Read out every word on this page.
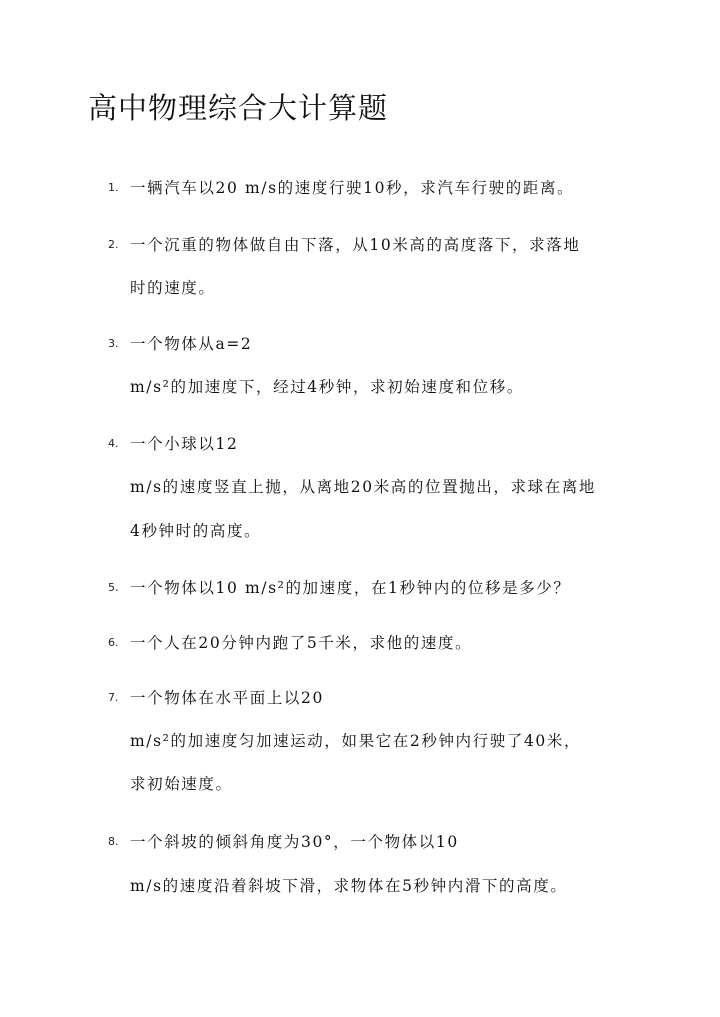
高中物理综合大计算题
1. 一辆汽车以20 m/s的速度行驶10秒，求汽车行驶的距离。
2. 一个沉重的物体做自由下落，从10米高的高度落下，求落地
时的速度。
3. 一个物体从a=2
m/s²的加速度下，经过4秒钟，求初始速度和位移。
4. 一个小球以12
m/s的速度竖直上抛，从离地20米高的位置抛出，求球在离地
4秒钟时的高度。
5. 一个物体以10 m/s²的加速度，在1秒钟内的位移是多少？
6. 一个人在20分钟内跑了5千米，求他的速度。
7. 一个物体在水平面上以20
m/s²的加速度匀加速运动，如果它在2秒钟内行驶了40米，
求初始速度。
8. 一个斜坡的倾斜角度为30°，一个物体以10
m/s的速度沿着斜坡下滑，求物体在5秒钟内滑下的高度。
